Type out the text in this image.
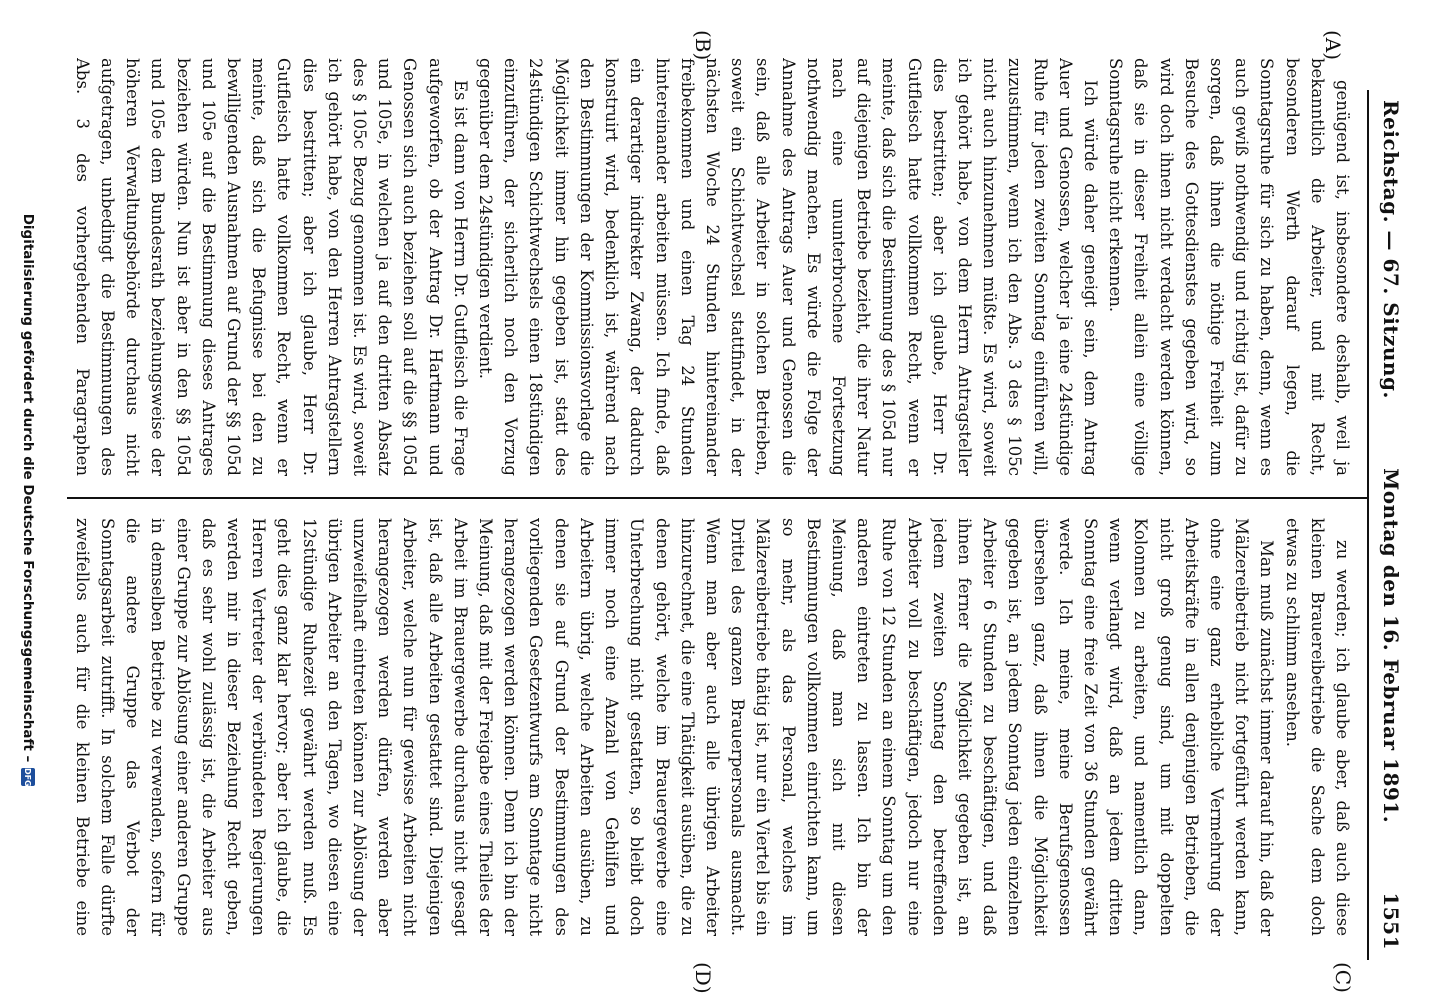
Reichstag. — 67. Sitzung.
Montag den 16. Februar 1891.
1551
(A)
(B)
(C)
(D)

genügend ist, insbesondere deshalb, weil ja bekanntlich die Arbeiter, und mit Recht, besonderen Werth darauf legen, die Sonntagsruhe für sich zu haben, denn, wenn es auch gewiß nothwendig und richtig ist, dafür zu sorgen, daß ihnen die nöthige Freiheit zum Besuche des Gottesdienstes gegeben wird, so wird doch ihnen nicht verdacht werden können, daß sie in dieser Freiheit allein eine völlige Sonntagsruhe nicht erkennen.

Ich würde daher geneigt sein, dem Antrag Auer und Genossen, welcher ja eine 24stündige Ruhe für jeden zweiten Sonntag einführen will, zuzustimmen, wenn ich den Abs. 3 des § 105c nicht auch hinzunehmen müßte. Es wird, soweit ich gehört habe, von dem Herrn Antragsteller dies bestritten; aber ich glaube, Herr Dr. Gutfleisch hatte vollkommen Recht, wenn er meinte, daß sich die Bestimmung des § 105d nur auf diejenigen Betriebe bezieht, die ihrer Natur nach eine ununterbrochene Fortsetzung nothwendig machen. Es würde die Folge der Annahme des Antrags Auer und Genossen die sein, daß alle Arbeiter in solchen Betrieben, soweit ein Schichtwechsel stattfindet, in der nächsten Woche 24 Stunden hintereinander freibekommen und einen Tag 24 Stunden hintereinander arbeiten müssen. Ich finde, daß ein derartiger indirekter Zwang, der dadurch konstruirt wird, bedenklich ist, während nach den Bestimmungen der Kommissionsvorlage die Möglichkeit immer hin gegeben ist, statt des 24stündigen Schichtwechsels einen 18stündigen einzuführen, der sicherlich noch den Vorzug gegenüber dem 24stündigen verdient.

Es ist dann von Herrn Dr. Gutfleisch die Frage aufgeworfen, ob der Antrag Dr. Hartmann und Genossen sich auch beziehen soll auf die §§ 105d und 105e, in welchen ja auf den dritten Absatz des § 105c Bezug genommen ist. Es wird, soweit ich gehört habe, von den Herren Antragstellern dies bestritten; aber ich glaube, Herr Dr. Gutfleisch hatte vollkommen Recht, wenn er meinte, daß sich die Befugnisse bei den zu bewilligenden Ausnahmen auf Grund der §§ 105d und 105e auf die Bestimmung dieses Antrages beziehen würden. Nun ist aber in den §§ 105d und 105e dem Bundesrath beziehungsweise der höheren Verwaltungsbehörde durchaus nicht aufgetragen, unbedingt die Bestimmungen des Abs. 3 des vorhergehenden Paragraphen

zu werden; ich glaube aber, daß auch diese kleinen Brauereibetriebe die Sache dem doch etwas zu schlimm ansehen.

Man muß zunächst immer darauf hin, daß der Mälzereibetrieb nicht fortgeführt werden kann, ohne eine ganz erhebliche Vermehrung der Arbeitskräfte in allen denjenigen Betrieben, die nicht groß genug sind, um mit doppelten Kolonnen zu arbeiten, und namentlich dann, wenn verlangt wird, daß an jedem dritten Sonntag eine freie Zeit von 36 Stunden gewährt werde. Ich meine, meine Berufsgenossen übersehen ganz, daß ihnen die Möglichkeit gegeben ist, an jedem Sonntag jeden einzelnen Arbeiter 6 Stunden zu beschäftigen, und daß ihnen ferner die Möglichkeit gegeben ist, an jedem zweiten Sonntag den betreffenden Arbeiter voll zu beschäftigen, jedoch nur eine Ruhe von 12 Stunden an einem Sonntag um den anderen eintreten zu lassen. Ich bin der Meinung, daß man sich mit diesen Bestimmungen vollkommen einrichten kann, um so mehr, als das Personal, welches im Mälzereibetriebe thätig ist, nur ein Viertel bis ein Drittel des ganzen Brauerpersonals ausmacht. Wenn man aber auch alle übrigen Arbeiter hinzurechnet, die eine Thätigkeit ausüben, die zu denen gehört, welche im Brauergewerbe eine Unterbrechung nicht gestatten, so bleibt doch immer noch eine Anzahl von Gehilfen und Arbeitern übrig, welche Arbeiten ausüben, zu denen sie auf Grund der Bestimmungen des vorliegenden Gesetzentwurfs am Sonntage nicht herangezogen werden können. Denn ich bin der Meinung, daß mit der Freigabe eines Theiles der Arbeit im Brauergewerbe durchaus nicht gesagt ist, daß alle Arbeiten gestattet sind. Diejenigen Arbeiter, welche nun für gewisse Arbeiten nicht herangezogen werden dürfen, werden aber unzweifelhaft eintreten können zur Ablösung der übrigen Arbeiter an den Tagen, wo diesen eine 12stündige Ruhezeit gewährt werden muß. Es geht dies ganz klar hervor; aber ich glaube, die Herren Vertreter der verbündeten Regierungen werden mir in dieser Beziehung Recht geben, daß es sehr wohl zulässig ist, die Arbeiter aus einer Gruppe zur Ablösung einer anderen Gruppe in demselben Betriebe zu verwenden, sofern für die andere Gruppe das Verbot der Sonntagsarbeit zutrifft. In solchem Falle dürfte zweifellos auch für die kleinen Betriebe eine

Digitalisierung gefördert durch die Deutsche Forschungsgemeinschaft –
DFG
